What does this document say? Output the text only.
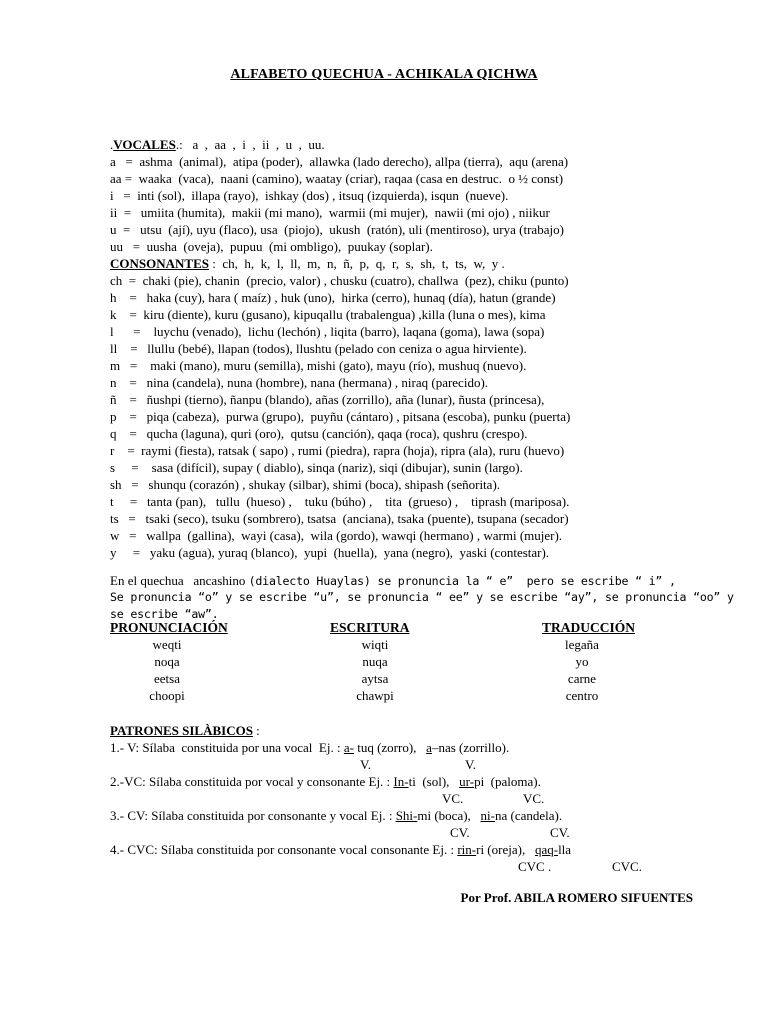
ALFABETO QUECHUA - ACHIKALA QICHWA
.VOCALES.:   a  ,  aa  ,  i  ,  ii  ,  u  ,  uu.
a   =  ashma  (animal),  atipa (poder),  allawka (lado derecho), allpa (tierra),  aqu (arena)
aa =  waaka  (vaca),  naani (camino), waatay (criar), raqaa (casa en destruc.  o ½ const)
i   =  inti (sol),  illapa (rayo),  ishkay (dos) , itsuq (izquierda), isqun  (nueve).
ii  =   umiita (humita),  makii (mi mano),  warmii (mi mujer),  nawii (mi ojo) , niikur
u  =   utsu  (ají), uyu (flaco), usa  (piojo),  ukush  (ratón), uli (mentiroso), urya (trabajo)
uu   =  uusha  (oveja),  pupuu  (mi ombligo),  puukay (soplar).
CONSONANTES :  ch,  h,  k,  l,  ll,  m,  n,  ñ,  p,  q,  r,  s,  sh,  t,  ts,  w,  y .
ch  =  chaki (pie), chanin  (precio, valor) , chusku (cuatro), challwa  (pez), chiku (punto)
h    =   haka (cuy), hara ( maíz) , huk (uno),  hirka (cerro), hunaq (día), hatun (grande)
k    =  kiru (diente), kuru (gusano), kipuqallu (trabalengua) ,killa (luna o mes), kima
l      =    luychu (venado),  lichu (lechón) , liqita (barro), laqana (goma), lawa (sopa)
ll    =   llullu (bebé), llapan (todos), llushtu (pelado con ceniza o agua hirviente).
m   =    maki (mano), muru (semilla), mishi (gato), mayu (río), mushuq (nuevo).
n    =   nina (candela), nuna (hombre), nana (hermana) , niraq (parecido).
ñ    =   ñushpi (tierno), ñanpu (blando), añas (zorrillo), aña (lunar), ñusta (princesa),
p    =   piqa (cabeza),  purwa (grupo),  puyñu (cántaro) , pitsana (escoba), punku (puerta)
q    =   qucha (laguna), quri (oro),  qutsu (canción), qaqa (roca), qushru (crespo).
r    =  raymi (fiesta), ratsak ( sapo) , rumi (piedra), rapra (hoja), ripra (ala), ruru (huevo)
s     =    sasa (difícil), supay ( diablo), sinqa (nariz), siqi (dibujar), sunin (largo).
sh   =   shunqu (corazón) , shukay (silbar), shimi (boca), shipash (señorita).
t     =   tanta (pan),   tullu  (hueso) ,    tuku (búho) ,    tita  (grueso) ,    tiprash (mariposa).
ts   =   tsaki (seco), tsuku (sombrero), tsatsa  (anciana), tsaka (puente), tsupana (secador)
w   =   wallpa  (gallina),  wayi (casa),  wila (gordo), wawqi (hermano) , warmi (mujer).
y     =   yaku (agua), yuraq (blanco),  yupi  (huella),  yana (negro),  yaski (contestar).
En el quechua   ancashino (dialecto Huaylas) se pronuncia la “ e”  pero se escribe “ i” ,
Se pronuncia “o” y se escribe “u”, se pronuncia “ ee” y se escribe “ay”, se pronuncia “oo” y
se escribe “aw”.
PRONUNCIACIÓN	ESCRITURA	TRADUCCIÓN
weqti	wiqti	legaña
noqa	nuqa	yo
eetsa	aytsa	carne
choopi	chawpi	centro
PATRONES SILÀBICOS :
1.- V: Sílaba  constituida por una vocal  Ej. : a- tuq (zorro),   a–nas (zorrillo).
V.	V.
2.-VC: Sílaba constituida por vocal y consonante Ej. : In-ti  (sol),   ur-pi  (paloma).
VC.	VC.
3.- CV: Sílaba constituida por consonante y vocal Ej. : Shi-mi (boca),   ni-na (candela).
CV.	CV.
4.- CVC: Sílaba constituida por consonante vocal consonante Ej. : rin-ri (oreja),   qaq-lla
CVC .	CVC.
Por Prof. ABILA ROMERO SIFUENTES
